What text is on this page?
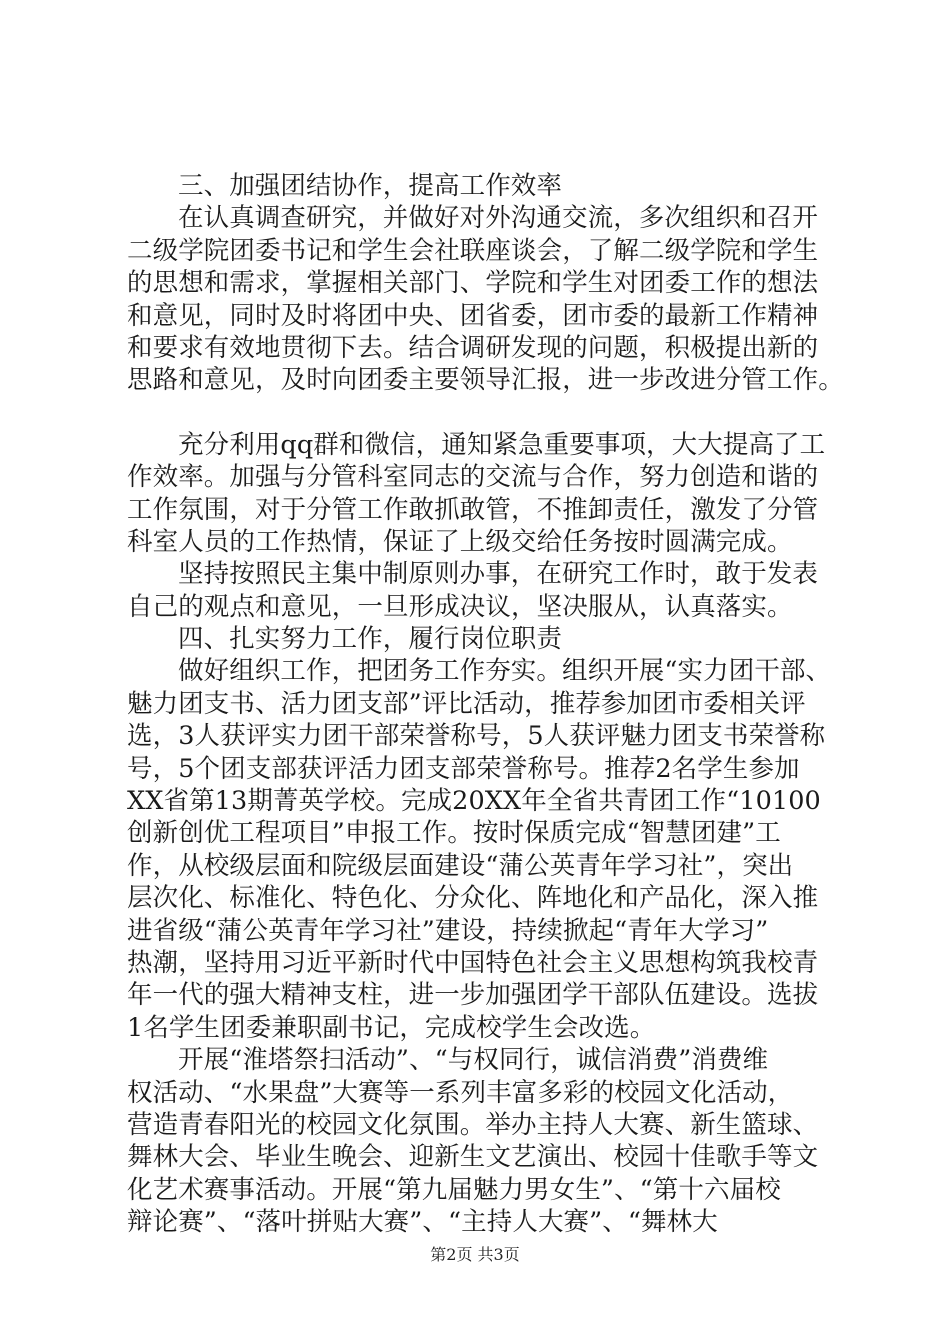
三、加强团结协作，提高工作效率
在认真调查研究，并做好对外沟通交流，多次组织和召开
二级学院团委书记和学生会社联座谈会，了解二级学院和学生
的思想和需求，掌握相关部门、学院和学生对团委工作的想法
和意见，同时及时将团中央、团省委，团市委的最新工作精神
和要求有效地贯彻下去。结合调研发现的问题，积极提出新的
思路和意见，及时向团委主要领导汇报，进一步改进分管工作。
充分利用qq群和微信，通知紧急重要事项，大大提高了工
作效率。加强与分管科室同志的交流与合作，努力创造和谐的
工作氛围，对于分管工作敢抓敢管，不推卸责任，激发了分管
科室人员的工作热情，保证了上级交给任务按时圆满完成。
坚持按照民主集中制原则办事，在研究工作时，敢于发表
自己的观点和意见，一旦形成决议，坚决服从，认真落实。
四、扎实努力工作，履行岗位职责
做好组织工作，把团务工作夯实。组织开展“实力团干部、
魅力团支书、活力团支部”评比活动，推荐参加团市委相关评
选，3人获评实力团干部荣誉称号，5人获评魅力团支书荣誉称
号，5个团支部获评活力团支部荣誉称号。推荐2名学生参加
XX省第13期菁英学校。完成20XX年全省共青团工作“10100
创新创优工程项目”申报工作。按时保质完成“智慧团建”工
作，从校级层面和院级层面建设“蒲公英青年学习社”，突出
层次化、标准化、特色化、分众化、阵地化和产品化，深入推
进省级“蒲公英青年学习社”建设，持续掀起“青年大学习”
热潮，坚持用习近平新时代中国特色社会主义思想构筑我校青
年一代的强大精神支柱，进一步加强团学干部队伍建设。选拔
1名学生团委兼职副书记，完成校学生会改选。
开展“淮塔祭扫活动”、“与权同行，诚信消费”消费维
权活动、“水果盘”大赛等一系列丰富多彩的校园文化活动，
营造青春阳光的校园文化氛围。举办主持人大赛、新生篮球、
舞林大会、毕业生晚会、迎新生文艺演出、校园十佳歌手等文
化艺术赛事活动。开展“第九届魅力男女生”、“第十六届校
辩论赛”、“落叶拼贴大赛”、“主持人大赛”、“舞林大
第2页 共3页
